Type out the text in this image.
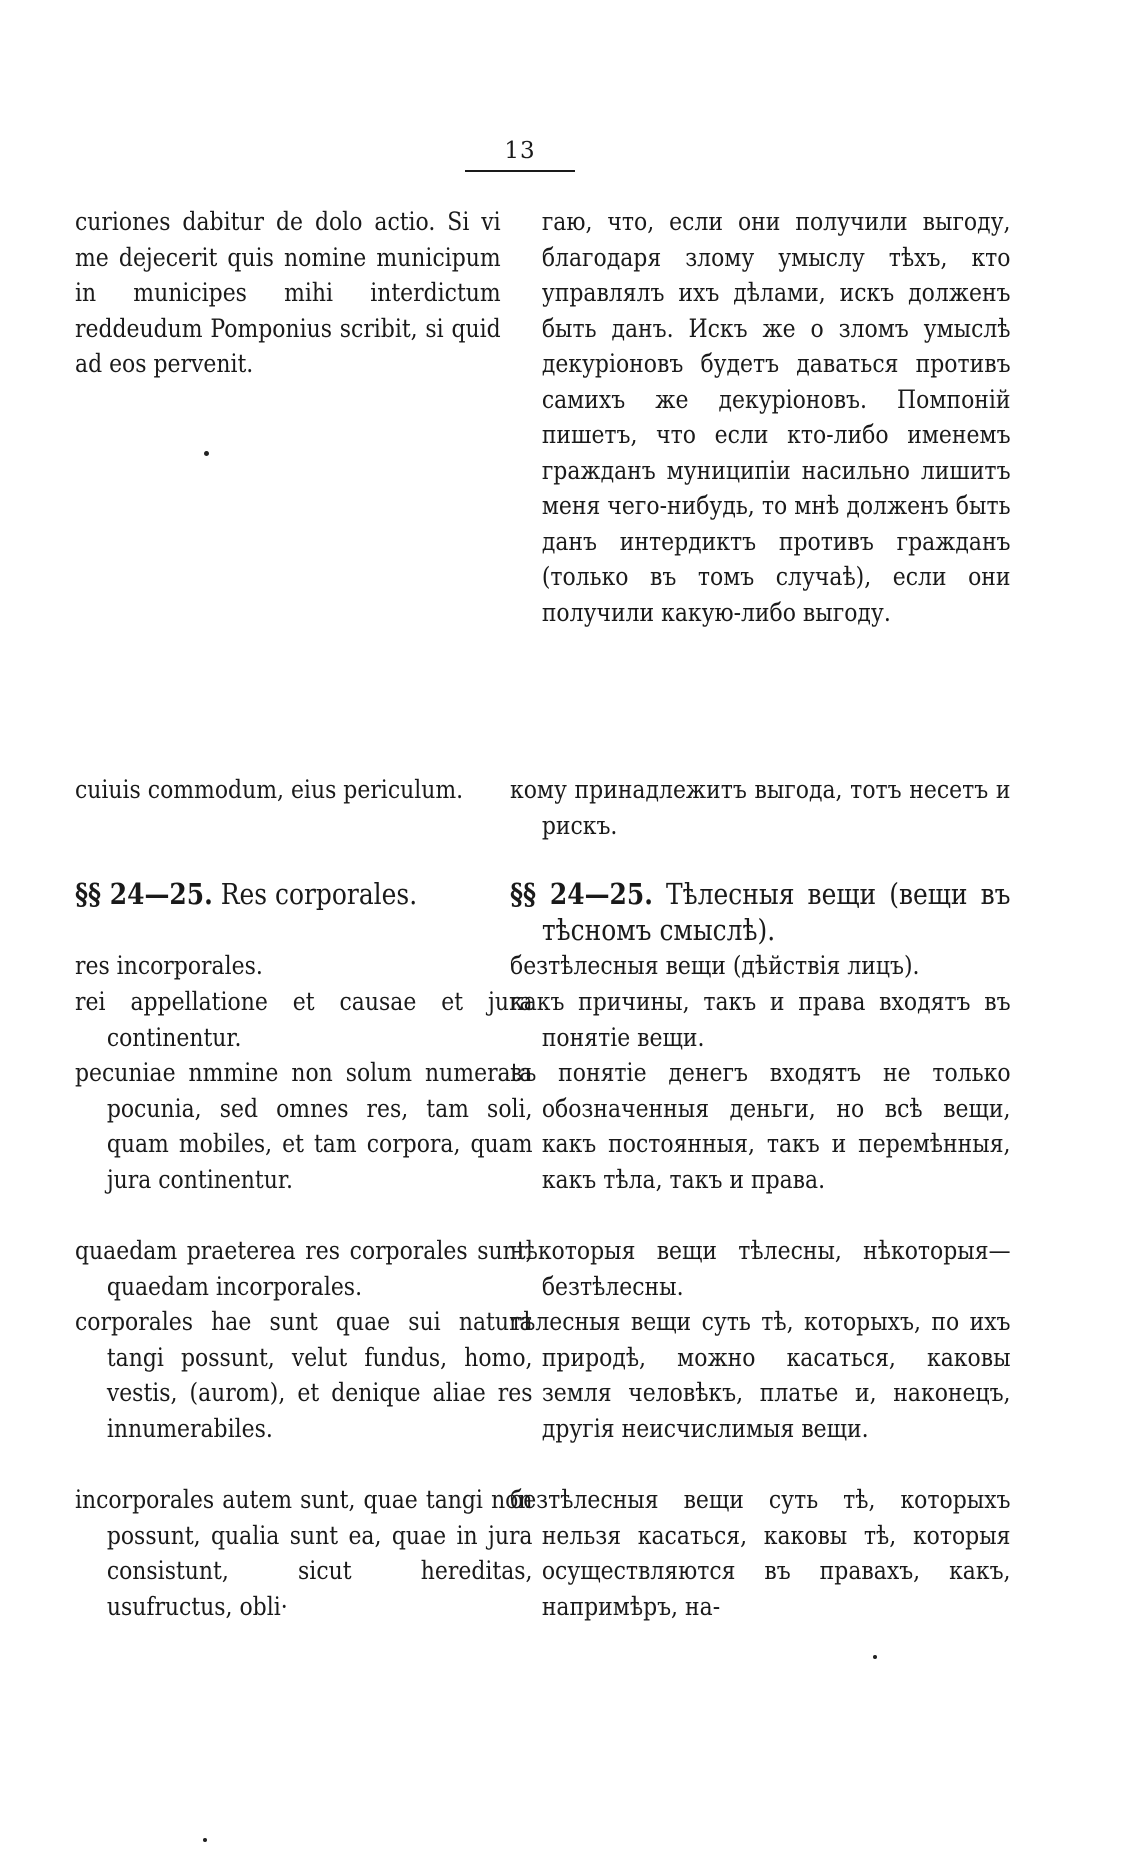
13

curiones dabitur de dolo actio. Si vi me dejecerit quis nomine municipum in municipes mihi interdictum reddeudum Pomponius scribit, si quid ad eos pervenit.

cuiuis commodum, eius periculum.

§§ 24—25. Res corporales.

res incorporales.

rei appellatione et causae et jura continentur.

pecuniae nmmine non solum numerata pocunia, sed omnes res, tam soli, quam mobiles, et tam corpora, quam jura continentur.

quaedam praeterea res corporales sunt, quaedam incorporales.

corporales hae sunt quae sui natura tangi possunt, velut fundus, homo, vestis, (aurom), et denique aliae res innumerabiles.

incorporales autem sunt, quae tangi non possunt, qualia sunt ea, quae in jura consistunt, sicut hereditas, usufructus, obli·

гаю, что, если они получили выгоду, благодаря злому умыслу тѣхъ, кто управлялъ ихъ дѣлами, искъ долженъ быть данъ. Искъ же о зломъ умыслѣ декуріоновъ будетъ даваться противъ самихъ же декуріоновъ. Помпоній пишетъ, что если кто-либо именемъ гражданъ муниципіи насильно лишитъ меня чего-нибудь, то мнѣ долженъ быть данъ интердиктъ противъ гражданъ (только въ томъ случаѣ), если они получили какую-либо выгоду.

кому принадлежитъ выгода, тотъ несетъ и рискъ.

§§ 24—25. Тѣлесныя вещи (вещи въ тѣсномъ смыслѣ).

безтѣлесныя вещи (дѣйствія лицъ).

какъ причины, такъ и права входятъ въ понятіе вещи.

въ понятіе денегъ входятъ не только обозначенныя деньги, но всѣ вещи, какъ постоянныя, такъ и перемѣнныя, какъ тѣла, такъ и права.

нѣкоторыя вещи тѣлесны, нѣкоторыя—безтѣлесны.

тѣлесныя вещи суть тѣ, которыхъ, по ихъ природѣ, можно касаться, каковы земля человѣкъ, платье и, наконецъ, другія неисчислимыя вещи.

безтѣлесныя вещи суть тѣ, которыхъ нельзя касаться, каковы тѣ, которыя осуществляются въ правахъ, какъ, напримѣръ, на-
